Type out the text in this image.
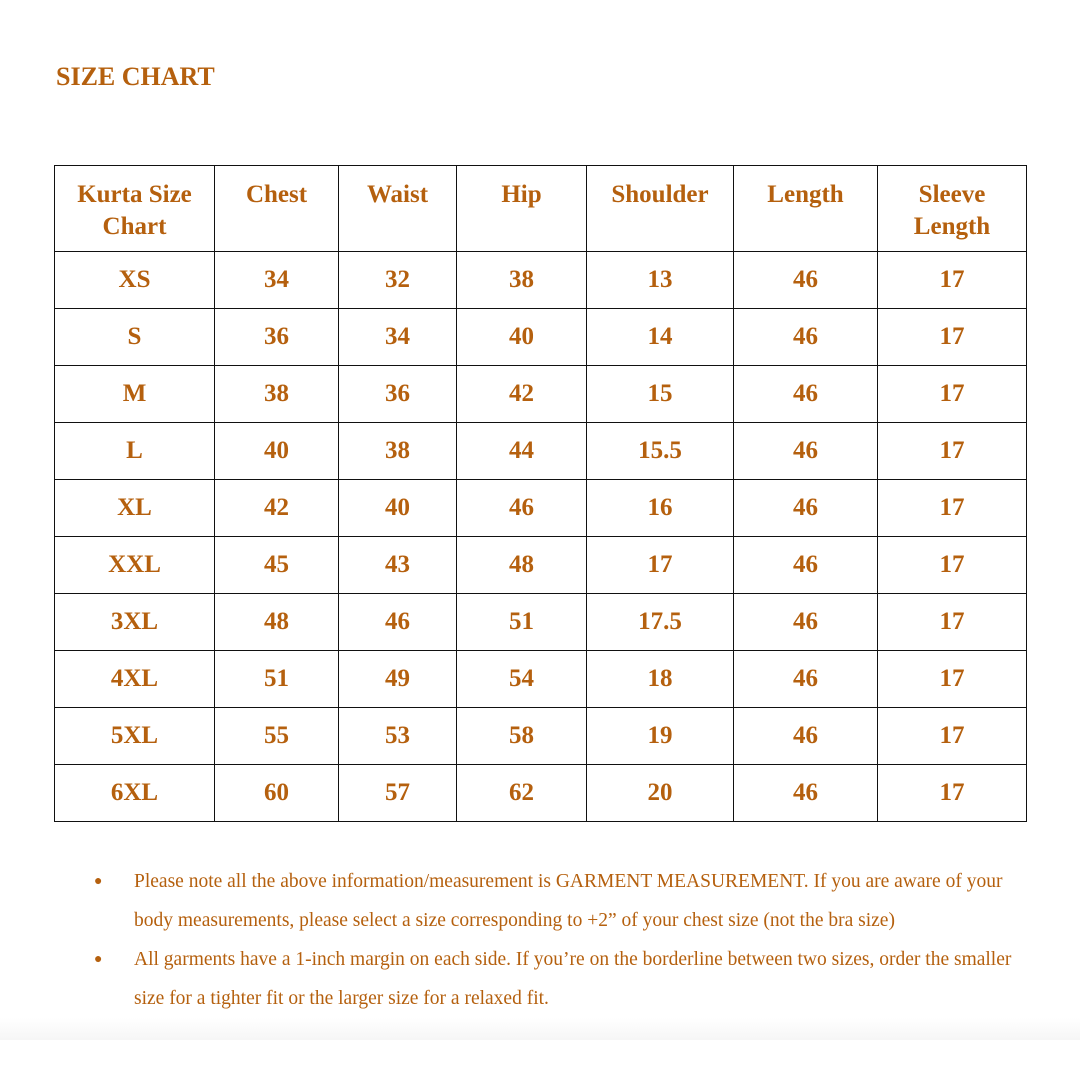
SIZE CHART
Kurta Size Chart	Chest	Waist	Hip	Shoulder	Length	Sleeve Length
XS	34	32	38	13	46	17
S	36	34	40	14	46	17
M	38	36	42	15	46	17
L	40	38	44	15.5	46	17
XL	42	40	46	16	46	17
XXL	45	43	48	17	46	17
3XL	48	46	51	17.5	46	17
4XL	51	49	54	18	46	17
5XL	55	53	58	19	46	17
6XL	60	57	62	20	46	17
● Please note all the above information/measurement is GARMENT MEASUREMENT. If you are aware of your body measurements, please select a size corresponding to +2” of your chest size (not the bra size)
● All garments have a 1-inch margin on each side. If you’re on the borderline between two sizes, order the smaller size for a tighter fit or the larger size for a relaxed fit.
